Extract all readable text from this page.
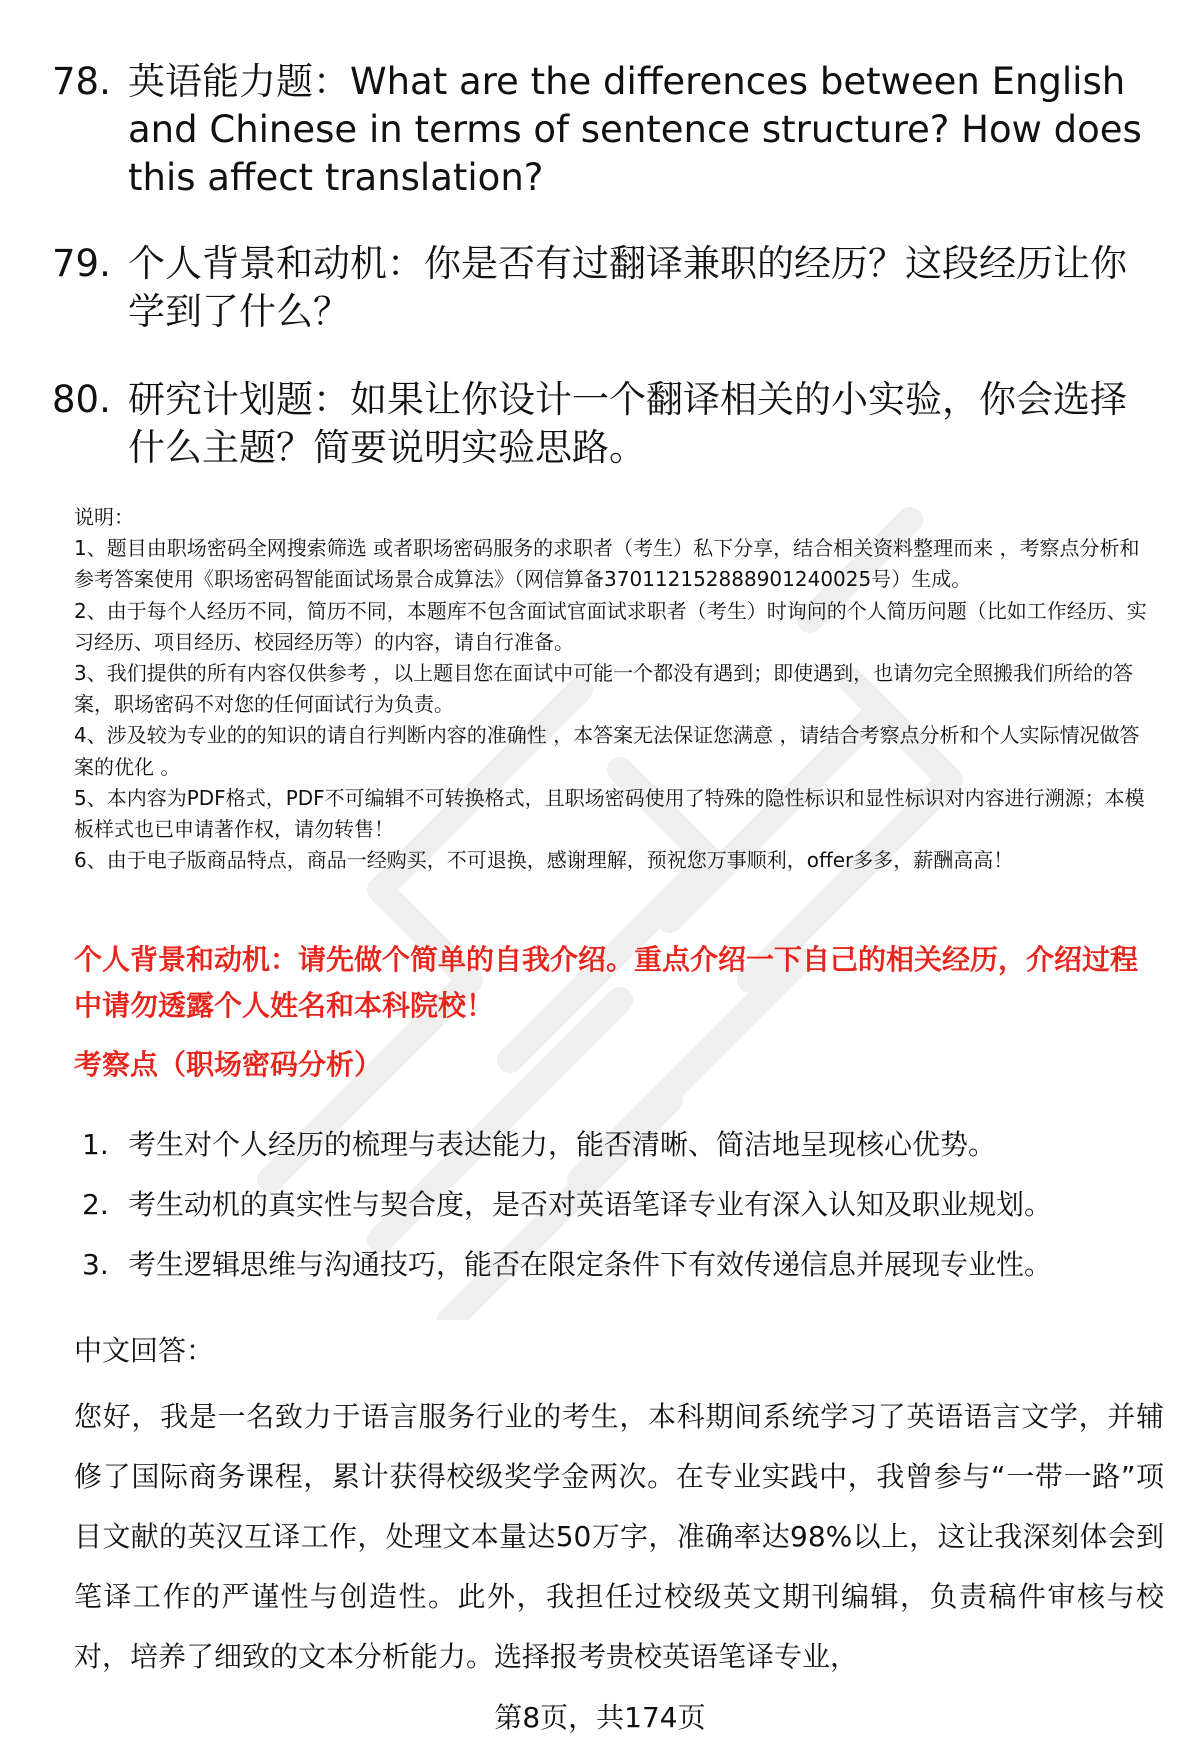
78. 英语能力题：What are the differences between English and Chinese in terms of sentence structure? How does this affect translation?
79. 个人背景和动机：你是否有过翻译兼职的经历？这段经历让你学到了什么？
80. 研究计划题：如果让你设计一个翻译相关的小实验，你会选择什么主题？简要说明实验思路。

说明：

1、题目由职场密码全网搜索筛选 或者职场密码服务的求职者（考生）私下分享，结合相关资料整理而来 ，考察点分析和参考答案使用《职场密码智能面试场景合成算法》（网信算备370112152888901240025号）生成。

2、由于每个人经历不同，简历不同，本题库不包含面试官面试求职者（考生）时询问的个人简历问题（比如工作经历、实习经历、项目经历、校园经历等）的内容，请自行准备。

3、我们提供的所有内容仅供参考 ，以上题目您在面试中可能一个都没有遇到；即使遇到，也请勿完全照搬我们所给的答案，职场密码不对您的任何面试行为负责。

4、涉及较为专业的的知识的请自行判断内容的准确性 ，本答案无法保证您满意 ，请结合考察点分析和个人实际情况做答案的优化 。

5、本内容为PDF格式，PDF不可编辑不可转换格式，且职场密码使用了特殊的隐性标识和显性标识对内容进行溯源；本模板样式也已申请著作权，请勿转售！

6、由于电子版商品特点，商品一经购买，不可退换，感谢理解，预祝您万事顺利，offer多多，薪酬高高！

个人背景和动机：请先做个简单的自我介绍。重点介绍一下自己的相关经历，介绍过程中请勿透露个人姓名和本科院校！
考察点（职场密码分析）
1. 考生对个人经历的梳理与表达能力，能否清晰、简洁地呈现核心优势。
2. 考生动机的真实性与契合度，是否对英语笔译专业有深入认知及职业规划。
3. 考生逻辑思维与沟通技巧，能否在限定条件下有效传递信息并展现专业性。
中文回答：

您好，我是一名致力于语言服务行业的考生，本科期间系统学习了英语语言文学，并辅修了国际商务课程，累计获得校级奖学金两次。在专业实践中，我曾参与“一带一路”项目文献的英汉互译工作，处理文本量达50万字，准确率达98%以上，这让我深刻体会到笔译工作的严谨性与创造性。此外，我担任过校级英文期刊编辑，负责稿件审核与校对，培养了细致的文本分析能力。选择报考贵校英语笔译专业，

第8页，共174页
